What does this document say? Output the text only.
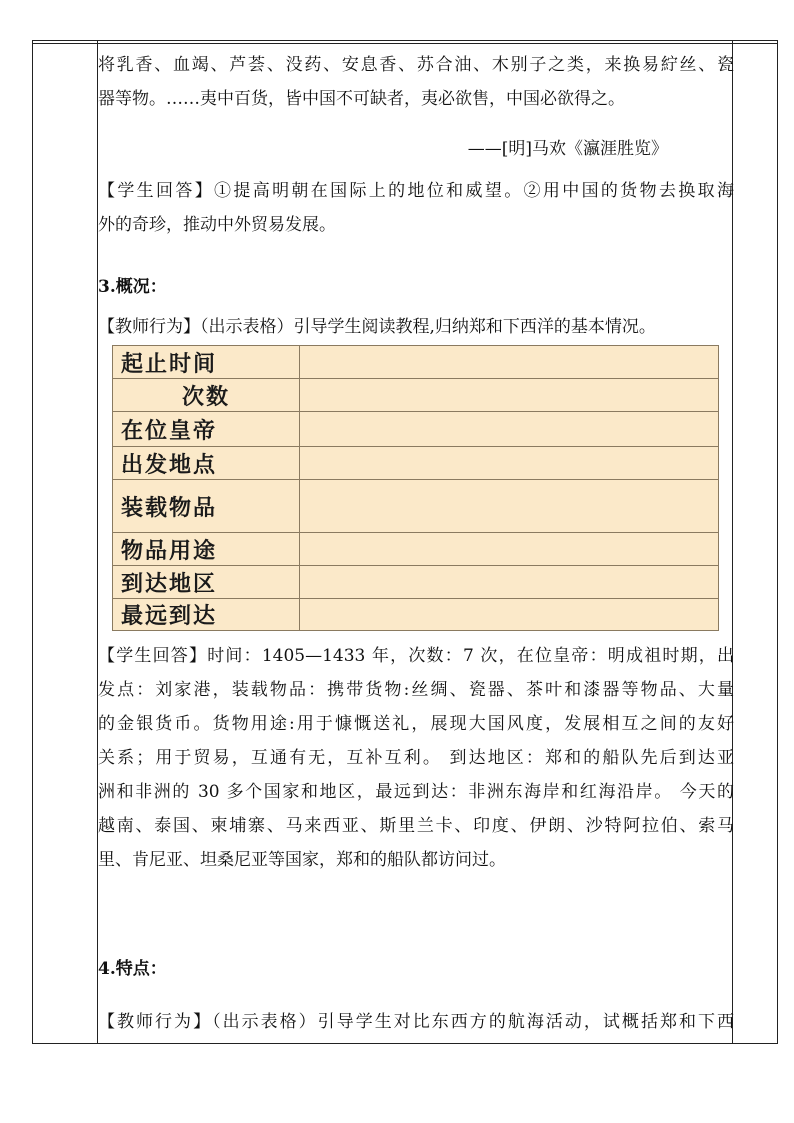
将乳香、血竭、芦荟、没药、安息香、苏合油、木别子之类，来换易紵丝、瓷
器等物。……夷中百货，皆中国不可缺者，夷必欲售，中国必欲得之。
——[明]马欢《瀛涯胜览》
【学生回答】①提高明朝在国际上的地位和威望。②用中国的货物去换取海
外的奇珍，推动中外贸易发展。
3.概况：
【教师行为】（出示表格）引导学生阅读教程,归纳郑和下西洋的基本情况。
【学生回答】时间：1405—1433 年，次数：7 次，在位皇帝：明成祖时期，出
发点：刘家港，装载物品：携带货物:丝绸、瓷器、茶叶和漆器等物品、大量
的金银货币。货物用途:用于慷慨送礼，展现大国风度，发展相互之间的友好
关系；用于贸易，互通有无，互补互利。 到达地区：郑和的船队先后到达亚
洲和非洲的 30 多个国家和地区，最远到达：非洲东海岸和红海沿岸。 今天的
越南、泰国、柬埔寨、马来西亚、斯里兰卡、印度、伊朗、沙特阿拉伯、索马
里、肯尼亚、坦桑尼亚等国家，郑和的船队都访问过。
4.特点：
【教师行为】（出示表格）引导学生对比东西方的航海活动，试概括郑和下西
起止时间	
次数	
在位皇帝	
出发地点	
装载物品	
物品用途	
到达地区	
最远到达	
